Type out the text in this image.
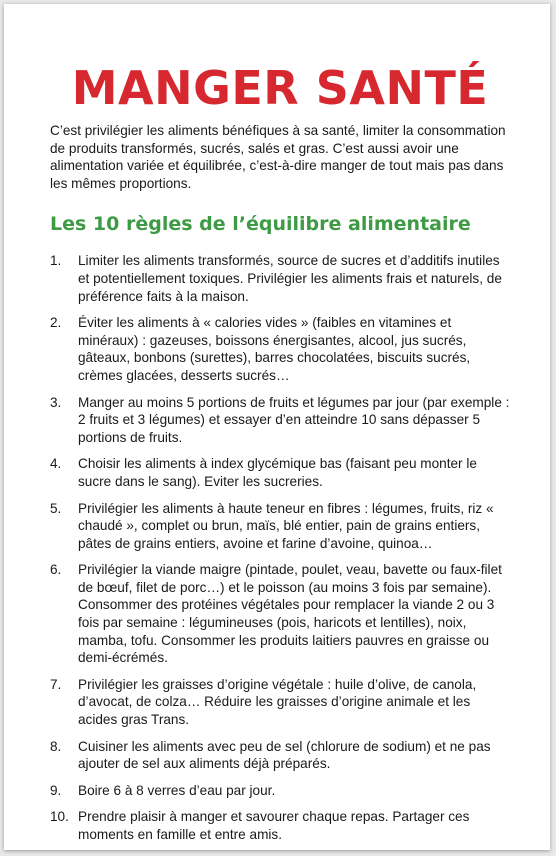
MANGER SANTÉ

C’est privilégier les aliments bénéfiques à sa santé, limiter la consommation de produits transformés, sucrés, salés et gras. C’est aussi avoir une alimentation variée et équilibrée, c’est-à-dire manger de tout mais pas dans les mêmes proportions.

Les 10 règles de l’équilibre alimentaire
1.	Limiter les aliments transformés, source de sucres et d’additifs inutiles et potentiellement toxiques. Privilégier les aliments frais et naturels, de préférence faits à la maison.
2.	Éviter les aliments à « calories vides » (faibles en vitamines et minéraux) : gazeuses, boissons énergisantes, alcool, jus sucrés, gâteaux, bonbons (surettes), barres chocolatées, biscuits sucrés, crèmes glacées, desserts sucrés…
3.	Manger au moins 5 portions de fruits et légumes par jour (par exemple : 2 fruits et 3 légumes) et essayer d’en atteindre 10 sans dépasser 5 portions de fruits.
4.	Choisir les aliments à index glycémique bas (faisant peu monter le sucre dans le sang). Eviter les sucreries.
5.	Privilégier les aliments à haute teneur en fibres : légumes, fruits, riz « chaudé », complet ou brun, maïs, blé entier, pain de grains entiers, pâtes de grains entiers, avoine et farine d’avoine, quinoa…
6.	Privilégier la viande maigre (pintade, poulet, veau, bavette ou faux-filet de bœuf, filet de porc…) et le poisson (au moins 3 fois par semaine). Consommer des protéines végétales pour remplacer la viande 2 ou 3 fois par semaine : légumineuses (pois, haricots et lentilles), noix, mamba, tofu. Consommer les produits laitiers pauvres en graisse ou demi-écrémés.
7.	Privilégier les graisses d’origine végétale : huile d’olive, de canola, d’avocat, de colza… Réduire les graisses d’origine animale et les acides gras Trans.
8.	Cuisiner les aliments avec peu de sel (chlorure de sodium) et ne pas ajouter de sel aux aliments déjà préparés.
9.	Boire 6 à 8 verres d’eau par jour.
10. Prendre plaisir à manger et savourer chaque repas. Partager ces moments en famille et entre amis.
